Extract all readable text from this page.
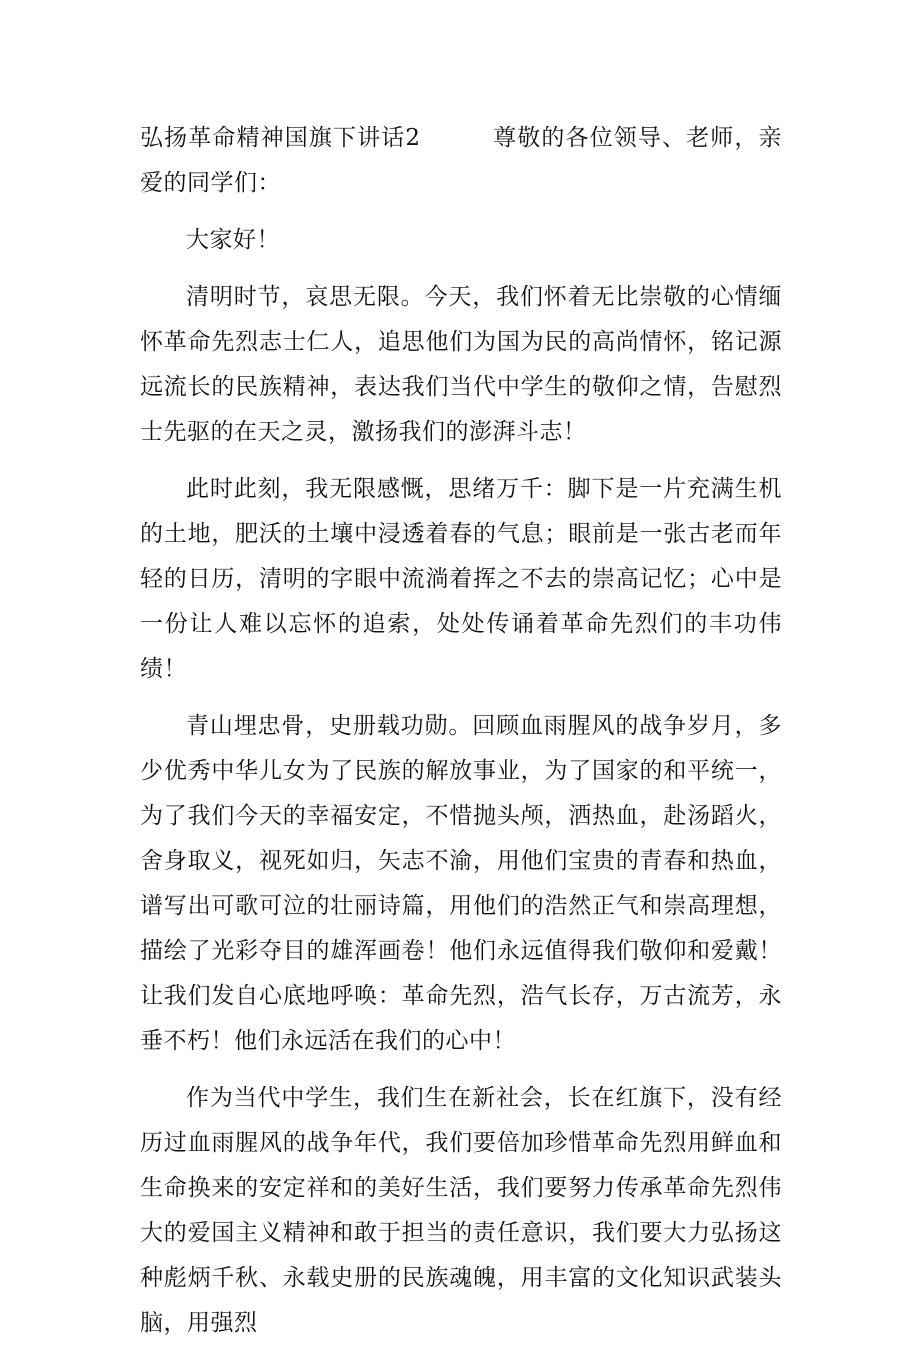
弘扬革命精神国旗下讲话2	尊敬的各位领导、老师，亲爱的同学们：

大家好！

清明时节，哀思无限。今天，我们怀着无比崇敬的心情缅怀革命先烈志士仁人，追思他们为国为民的高尚情怀，铭记源远流长的民族精神，表达我们当代中学生的敬仰之情，告慰烈士先驱的在天之灵，激扬我们的澎湃斗志！

此时此刻，我无限感慨，思绪万千：脚下是一片充满生机的土地，肥沃的土壤中浸透着春的气息；眼前是一张古老而年轻的日历，清明的字眼中流淌着挥之不去的崇高记忆；心中是一份让人难以忘怀的追索，处处传诵着革命先烈们的丰功伟绩！

青山埋忠骨，史册载功勋。回顾血雨腥风的战争岁月，多少优秀中华儿女为了民族的解放事业，为了国家的和平统一，为了我们今天的幸福安定，不惜抛头颅，洒热血，赴汤蹈火，舍身取义，视死如归，矢志不渝，用他们宝贵的青春和热血，谱写出可歌可泣的壮丽诗篇，用他们的浩然正气和崇高理想，描绘了光彩夺目的雄浑画卷！他们永远值得我们敬仰和爱戴！让我们发自心底地呼唤：革命先烈，浩气长存，万古流芳，永垂不朽！他们永远活在我们的心中！

作为当代中学生，我们生在新社会，长在红旗下，没有经历过血雨腥风的战争年代，我们要倍加珍惜革命先烈用鲜血和生命换来的安定祥和的美好生活，我们要努力传承革命先烈伟大的爱国主义精神和敢于担当的责任意识，我们要大力弘扬这种彪炳千秋、永载史册的民族魂魄，用丰富的文化知识武装头脑，用强烈
